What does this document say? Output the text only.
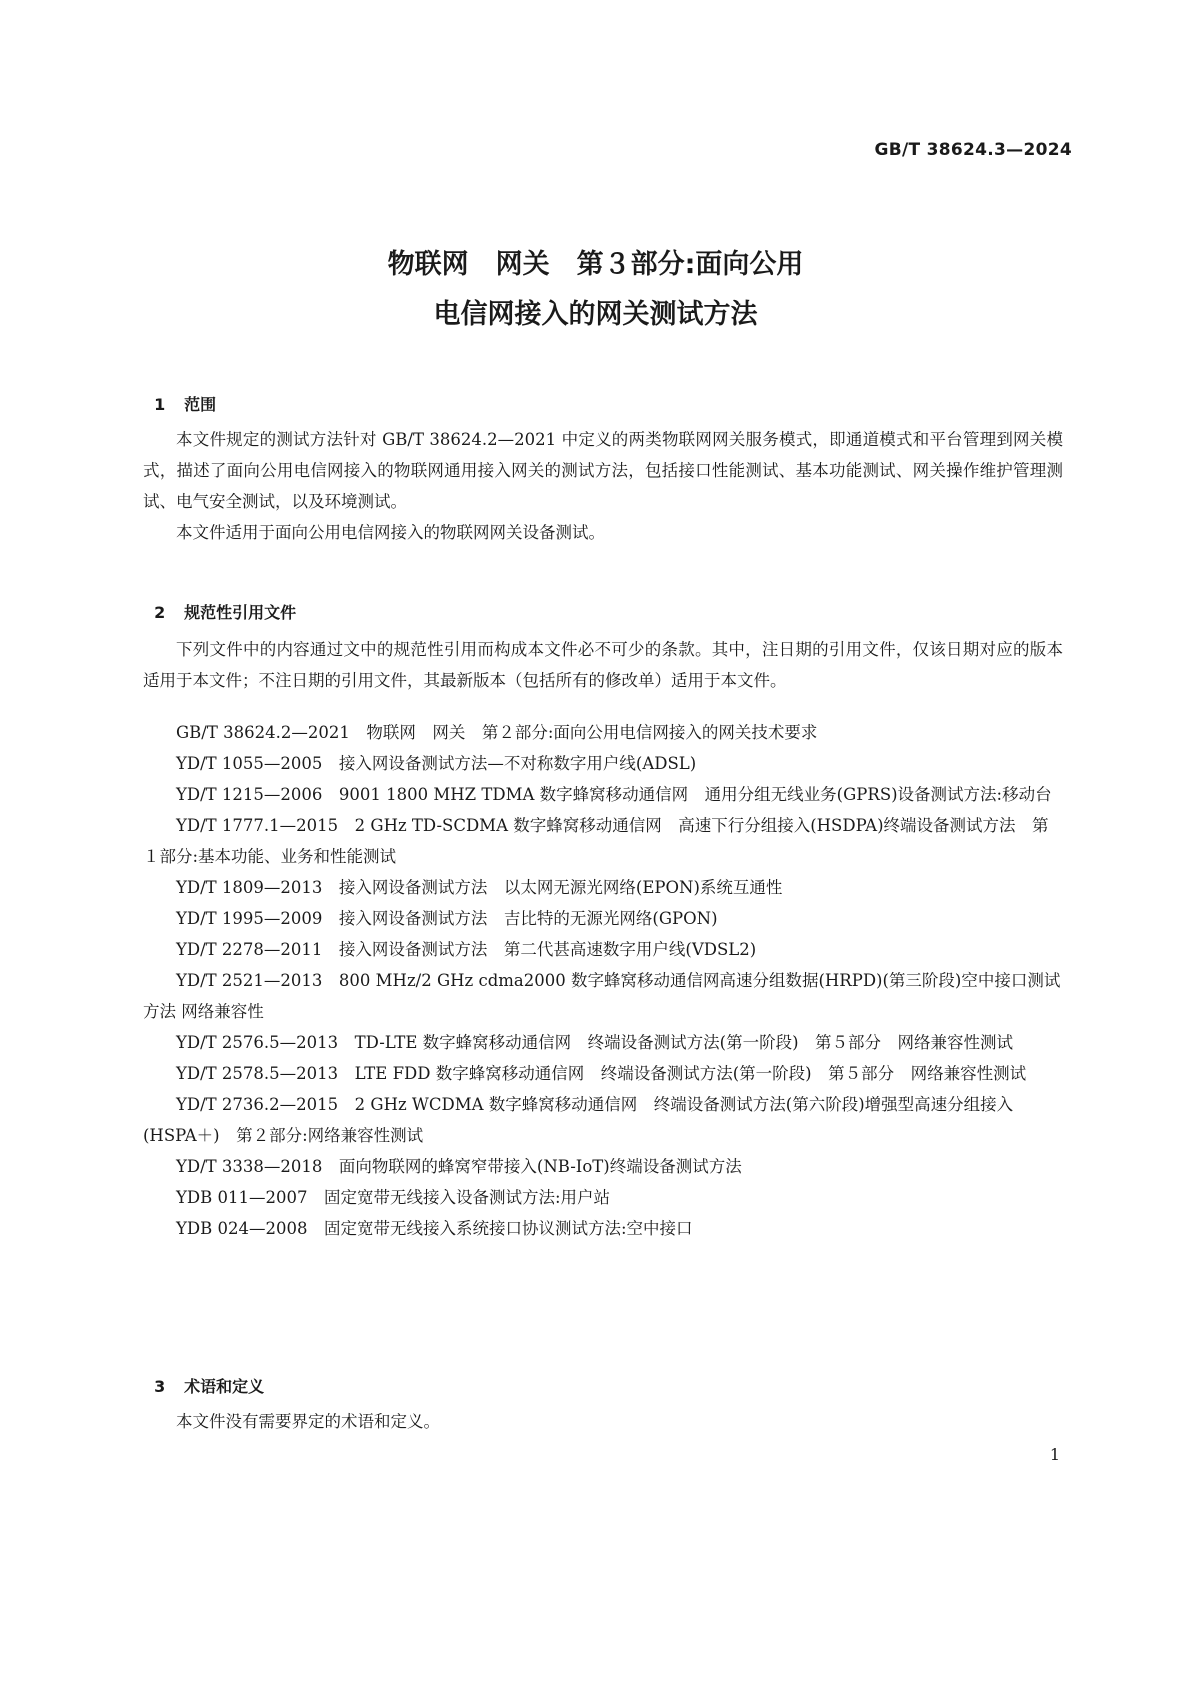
GB/T 38624.3—2024
物联网　网关　第３部分:面向公用
电信网接入的网关测试方法

1 范围

本文件规定的测试方法针对 GB/T 38624.2—2021 中定义的两类物联网网关服务模式，即通道模式和平台管理到网关模式，描述了面向公用电信网接入的物联网通用接入网关的测试方法，包括接口性能测试、基本功能测试、网关操作维护管理测试、电气安全测试，以及环境测试。

本文件适用于面向公用电信网接入的物联网网关设备测试。

2 规范性引用文件

下列文件中的内容通过文中的规范性引用而构成本文件必不可少的条款。其中，注日期的引用文件，仅该日期对应的版本适用于本文件；不注日期的引用文件，其最新版本（包括所有的修改单）适用于本文件。

GB/T 38624.2—2021　 物联网　网关　第２部分:面向公用电信网接入的网关技术要求

YD/T 1055—2005　 接入网设备测试方法—不对称数字用户线(ADSL)

YD/T 1215—2006　 9001 1800 MHZ TDMA 数字蜂窝移动通信网　通用分组无线业务(GPRS)设备测试方法:移动台

YD/T 1777.1—2015　 2 GHz TD-SCDMA 数字蜂窝移动通信网　高速下行分组接入(HSDPA)终端设备测试方法　第１部分:基本功能、业务和性能测试

YD/T 1809—2013　 接入网设备测试方法　以太网无源光网络(EPON)系统互通性

YD/T 1995—2009　 接入网设备测试方法　吉比特的无源光网络(GPON)

YD/T 2278—2011　 接入网设备测试方法　第二代甚高速数字用户线(VDSL2)

YD/T 2521—2013　 800 MHz/2 GHz cdma2000 数字蜂窝移动通信网高速分组数据(HRPD)(第三阶段)空中接口测试方法 网络兼容性

YD/T 2576.5—2013　 TD-LTE 数字蜂窝移动通信网　终端设备测试方法(第一阶段)　第５部分　网络兼容性测试

YD/T 2578.5—2013　 LTE FDD 数字蜂窝移动通信网　终端设备测试方法(第一阶段)　第５部分　网络兼容性测试

YD/T 2736.2—2015　 2 GHz WCDMA 数字蜂窝移动通信网　终端设备测试方法(第六阶段)增强型高速分组接入(HSPA＋)　第２部分:网络兼容性测试

YD/T 3338—2018　 面向物联网的蜂窝窄带接入(NB-IoT)终端设备测试方法

YDB 011—2007　 固定宽带无线接入设备测试方法:用户站

YDB 024—2008　 固定宽带无线接入系统接口协议测试方法:空中接口

3 术语和定义

本文件没有需要界定的术语和定义。

1
